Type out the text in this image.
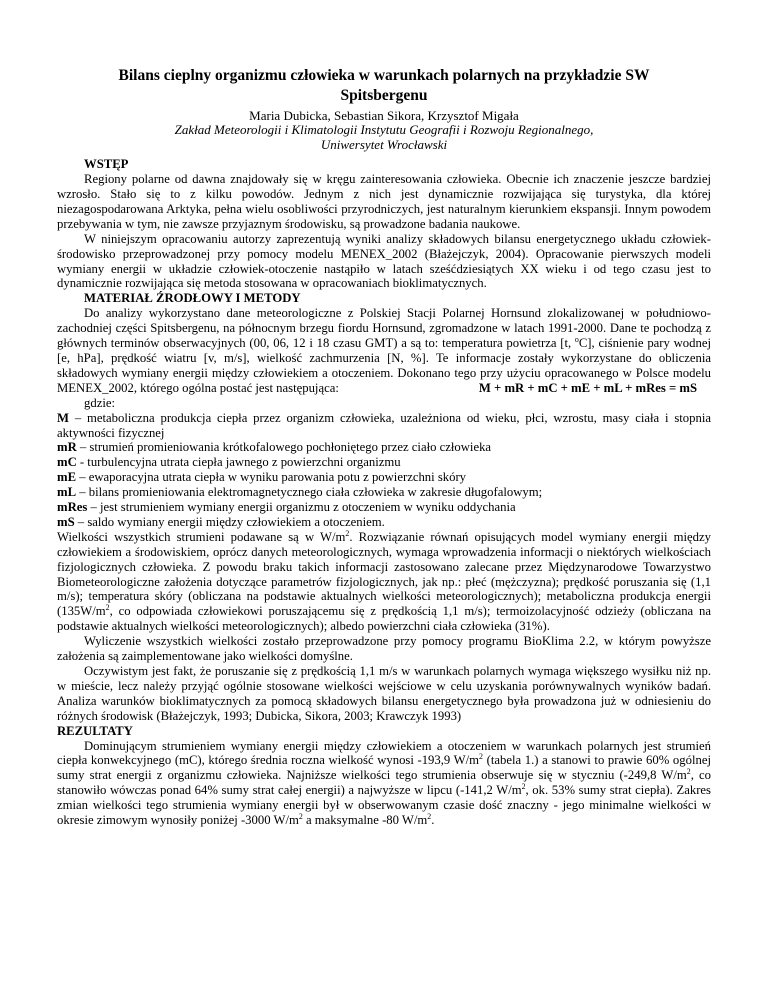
Bilans cieplny organizmu człowieka w warunkach polarnych na przykładzie SW
Spitsbergenu
Maria Dubicka, Sebastian Sikora, Krzysztof Migała
Zakład Meteorologii i Klimatologii Instytutu Geografii i Rozwoju Regionalnego,
Uniwersytet Wrocławski
WSTĘP
Regiony polarne od dawna znajdowały się w kręgu zainteresowania człowieka. Obecnie ich znaczenie jeszcze bardziej wzrosło. Stało się to z kilku powodów. Jednym z nich jest dynamicznie rozwijająca się turystyka, dla której niezagospodarowana Arktyka, pełna wielu osobliwości przyrodniczych, jest naturalnym kierunkiem ekspansji. Innym powodem przebywania w tym, nie zawsze przyjaznym środowisku, są prowadzone badania naukowe.
W niniejszym opracowaniu autorzy zaprezentują wyniki analizy składowych bilansu energetycznego układu człowiek-środowisko przeprowadzonej przy pomocy modelu MENEX_2002 (Błażejczyk, 2004). Opracowanie pierwszych modeli wymiany energii w układzie człowiek-otoczenie nastąpiło w latach sześćdziesiątych XX wieku i od tego czasu jest to dynamicznie rozwijająca się metoda stosowana w opracowaniach bioklimatycznych.
MATERIAŁ ŹRODŁOWY I METODY
Do analizy wykorzystano dane meteorologiczne z Polskiej Stacji Polarnej Hornsund zlokalizowanej w południowo-zachodniej części Spitsbergenu, na północnym brzegu fiordu Hornsund, zgromadzone w latach 1991-2000. Dane te pochodzą z głównych terminów obserwacyjnych (00, 06, 12 i 18 czasu GMT) a są to: temperatura powietrza [t, $^o$C], ciśnienie pary wodnej [e, hPa], prędkość wiatru [v, m/s], wielkość zachmurzenia [N, %]. Te informacje zostały wykorzystane do obliczenia składowych wymiany energii między człowiekiem a otoczeniem. Dokonano tego przy użyciu opracowanego w Polsce modelu MENEX_2002, którego ogólna postać jest następująca:	M + mR + mC + mE + mL + mRes = mS
gdzie:
M – metaboliczna produkcja ciepła przez organizm człowieka, uzależniona od wieku, płci, wzrostu, masy ciała i stopnia aktywności fizycznej
mR – strumień promieniowania krótkofalowego pochłoniętego przez ciało człowieka
mC - turbulencyjna utrata ciepła jawnego z powierzchni organizmu
mE – ewaporacyjna utrata ciepła w wyniku parowania potu z powierzchni skóry
mL – bilans promieniowania elektromagnetycznego ciała człowieka w zakresie długofalowym;
mRes – jest strumieniem wymiany energii organizmu z otoczeniem w wyniku oddychania
mS – saldo wymiany energii między człowiekiem a otoczeniem.
Wielkości wszystkich strumieni podawane są w $W/m^2$. Rozwiązanie równań opisujących model wymiany energii między człowiekiem a środowiskiem, oprócz danych meteorologicznych, wymaga wprowadzenia informacji o niektórych wielkościach fizjologicznych człowieka. Z powodu braku takich informacji zastosowano zalecane przez Międzynarodowe Towarzystwo Biometeorologiczne założenia dotyczące parametrów fizjologicznych, jak np.: płeć (mężczyzna); prędkość poruszania się (1,1 m/s); temperatura skóry (obliczana na podstawie aktualnych wielkości meteorologicznych); metaboliczna produkcja energii ($135W/m^2$, co odpowiada człowiekowi poruszającemu się z prędkością 1,1 m/s); termoizolacyjność odzieży (obliczana na podstawie aktualnych wielkości meteorologicznych); albedo powierzchni ciała człowieka (31%).
Wyliczenie wszystkich wielkości zostało przeprowadzone przy pomocy programu BioKlima 2.2, w którym powyższe założenia są zaimplementowane jako wielkości domyślne.
Oczywistym jest fakt, że poruszanie się z prędkością 1,1 m/s w warunkach polarnych wymaga większego wysiłku niż np. w mieście, lecz należy przyjąć ogólnie stosowane wielkości wejściowe w celu uzyskania porównywalnych wyników badań. Analiza warunków bioklimatycznych za pomocą składowych bilansu energetycznego była prowadzona już w odniesieniu do różnych środowisk (Błażejczyk, 1993; Dubicka, Sikora, 2003; Krawczyk 1993)
REZULTATY
Dominującym strumieniem wymiany energii między człowiekiem a otoczeniem w warunkach polarnych jest strumień ciepła konwekcyjnego (mC), którego średnia roczna wielkość wynosi -193,9 $W/m^2$ (tabela 1.) a stanowi to prawie 60% ogólnej sumy strat energii z organizmu człowieka. Najniższe wielkości tego strumienia obserwuje się w styczniu (-249,8 $W/m^2$, co stanowiło wówczas ponad 64% sumy strat całej energii) a najwyższe w lipcu (-141,2 $W/m^2$, ok. 53% sumy strat ciepła). Zakres zmian wielkości tego strumienia wymiany energii był w obserwowanym czasie dość znaczny - jego minimalne wielkości w okresie zimowym wynosiły poniżej -3000 $W/m^2$ a maksymalne -80 $W/m^2$.
